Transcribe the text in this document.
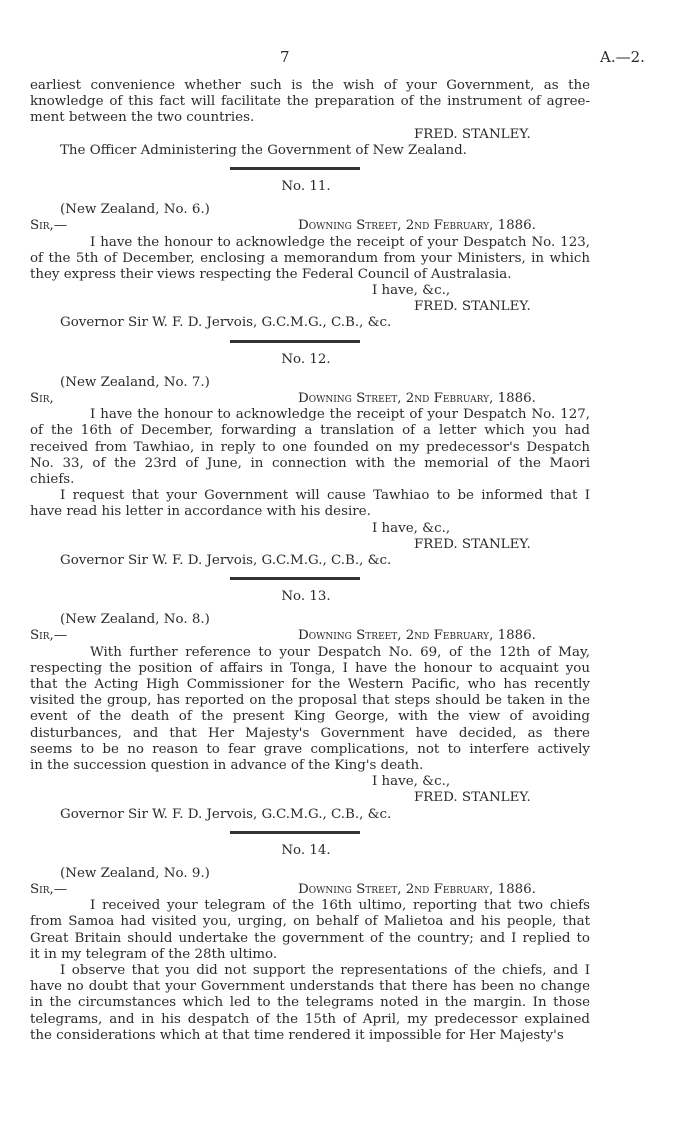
7	A.—2.
earliest convenience whether such is the wish of your Government, as the
knowledge of this fact will facilitate the preparation of the instrument of agree-
ment between the two countries.
FRED. STANLEY.
The Officer Administering the Government of New Zealand.
No. 11.
(New Zealand, No. 6.)
Sir,—	Downing Street, 2nd February, 1886.
I have the honour to acknowledge the receipt of your Despatch No. 123,
of the 5th of December, enclosing a memorandum from your Ministers, in which
they express their views respecting the Federal Council of Australasia.
I have, &c.,
FRED. STANLEY.
Governor Sir W. F. D. Jervois, G.C.M.G., C.B., &c.
No. 12.
(New Zealand, No. 7.)
Sir,	Downing Street, 2nd February, 1886.
I have the honour to acknowledge the receipt of your Despatch No. 127,
of the 16th of December, forwarding a translation of a letter which you had
received from Tawhiao, in reply to one founded on my predecessor's Despatch
No. 33, of the 23rd of June, in connection with the memorial of the Maori
chiefs.
I request that your Government will cause Tawhiao to be informed that I
have read his letter in accordance with his desire.
I have, &c.,
FRED. STANLEY.
Governor Sir W. F. D. Jervois, G.C.M.G., C.B., &c.
No. 13.
(New Zealand, No. 8.)
Sir,—	Downing Street, 2nd February, 1886.
With further reference to your Despatch No. 69, of the 12th of May,
respecting the position of affairs in Tonga, I have the honour to acquaint you
that the Acting High Commissioner for the Western Pacific, who has recently
visited the group, has reported on the proposal that steps should be taken in the
event of the death of the present King George, with the view of avoiding
disturbances, and that Her Majesty's Government have decided, as there
seems to be no reason to fear grave complications, not to interfere actively
in the succession question in advance of the King's death.
I have, &c.,
FRED. STANLEY.
Governor Sir W. F. D. Jervois, G.C.M.G., C.B., &c.
No. 14.
(New Zealand, No. 9.)
Sir,—	Downing Street, 2nd February, 1886.
I received your telegram of the 16th ultimo, reporting that two chiefs
from Samoa had visited you, urging, on behalf of Malietoa and his people, that
Great Britain should undertake the government of the country; and I replied to
it in my telegram of the 28th ultimo.
I observe that you did not support the representations of the chiefs, and I
have no doubt that your Government understands that there has been no change
in the circumstances which led to the telegrams noted in the margin. In those
telegrams, and in his despatch of the 15th of April, my predecessor explained
the considerations which at that time rendered it impossible for Her Majesty's
